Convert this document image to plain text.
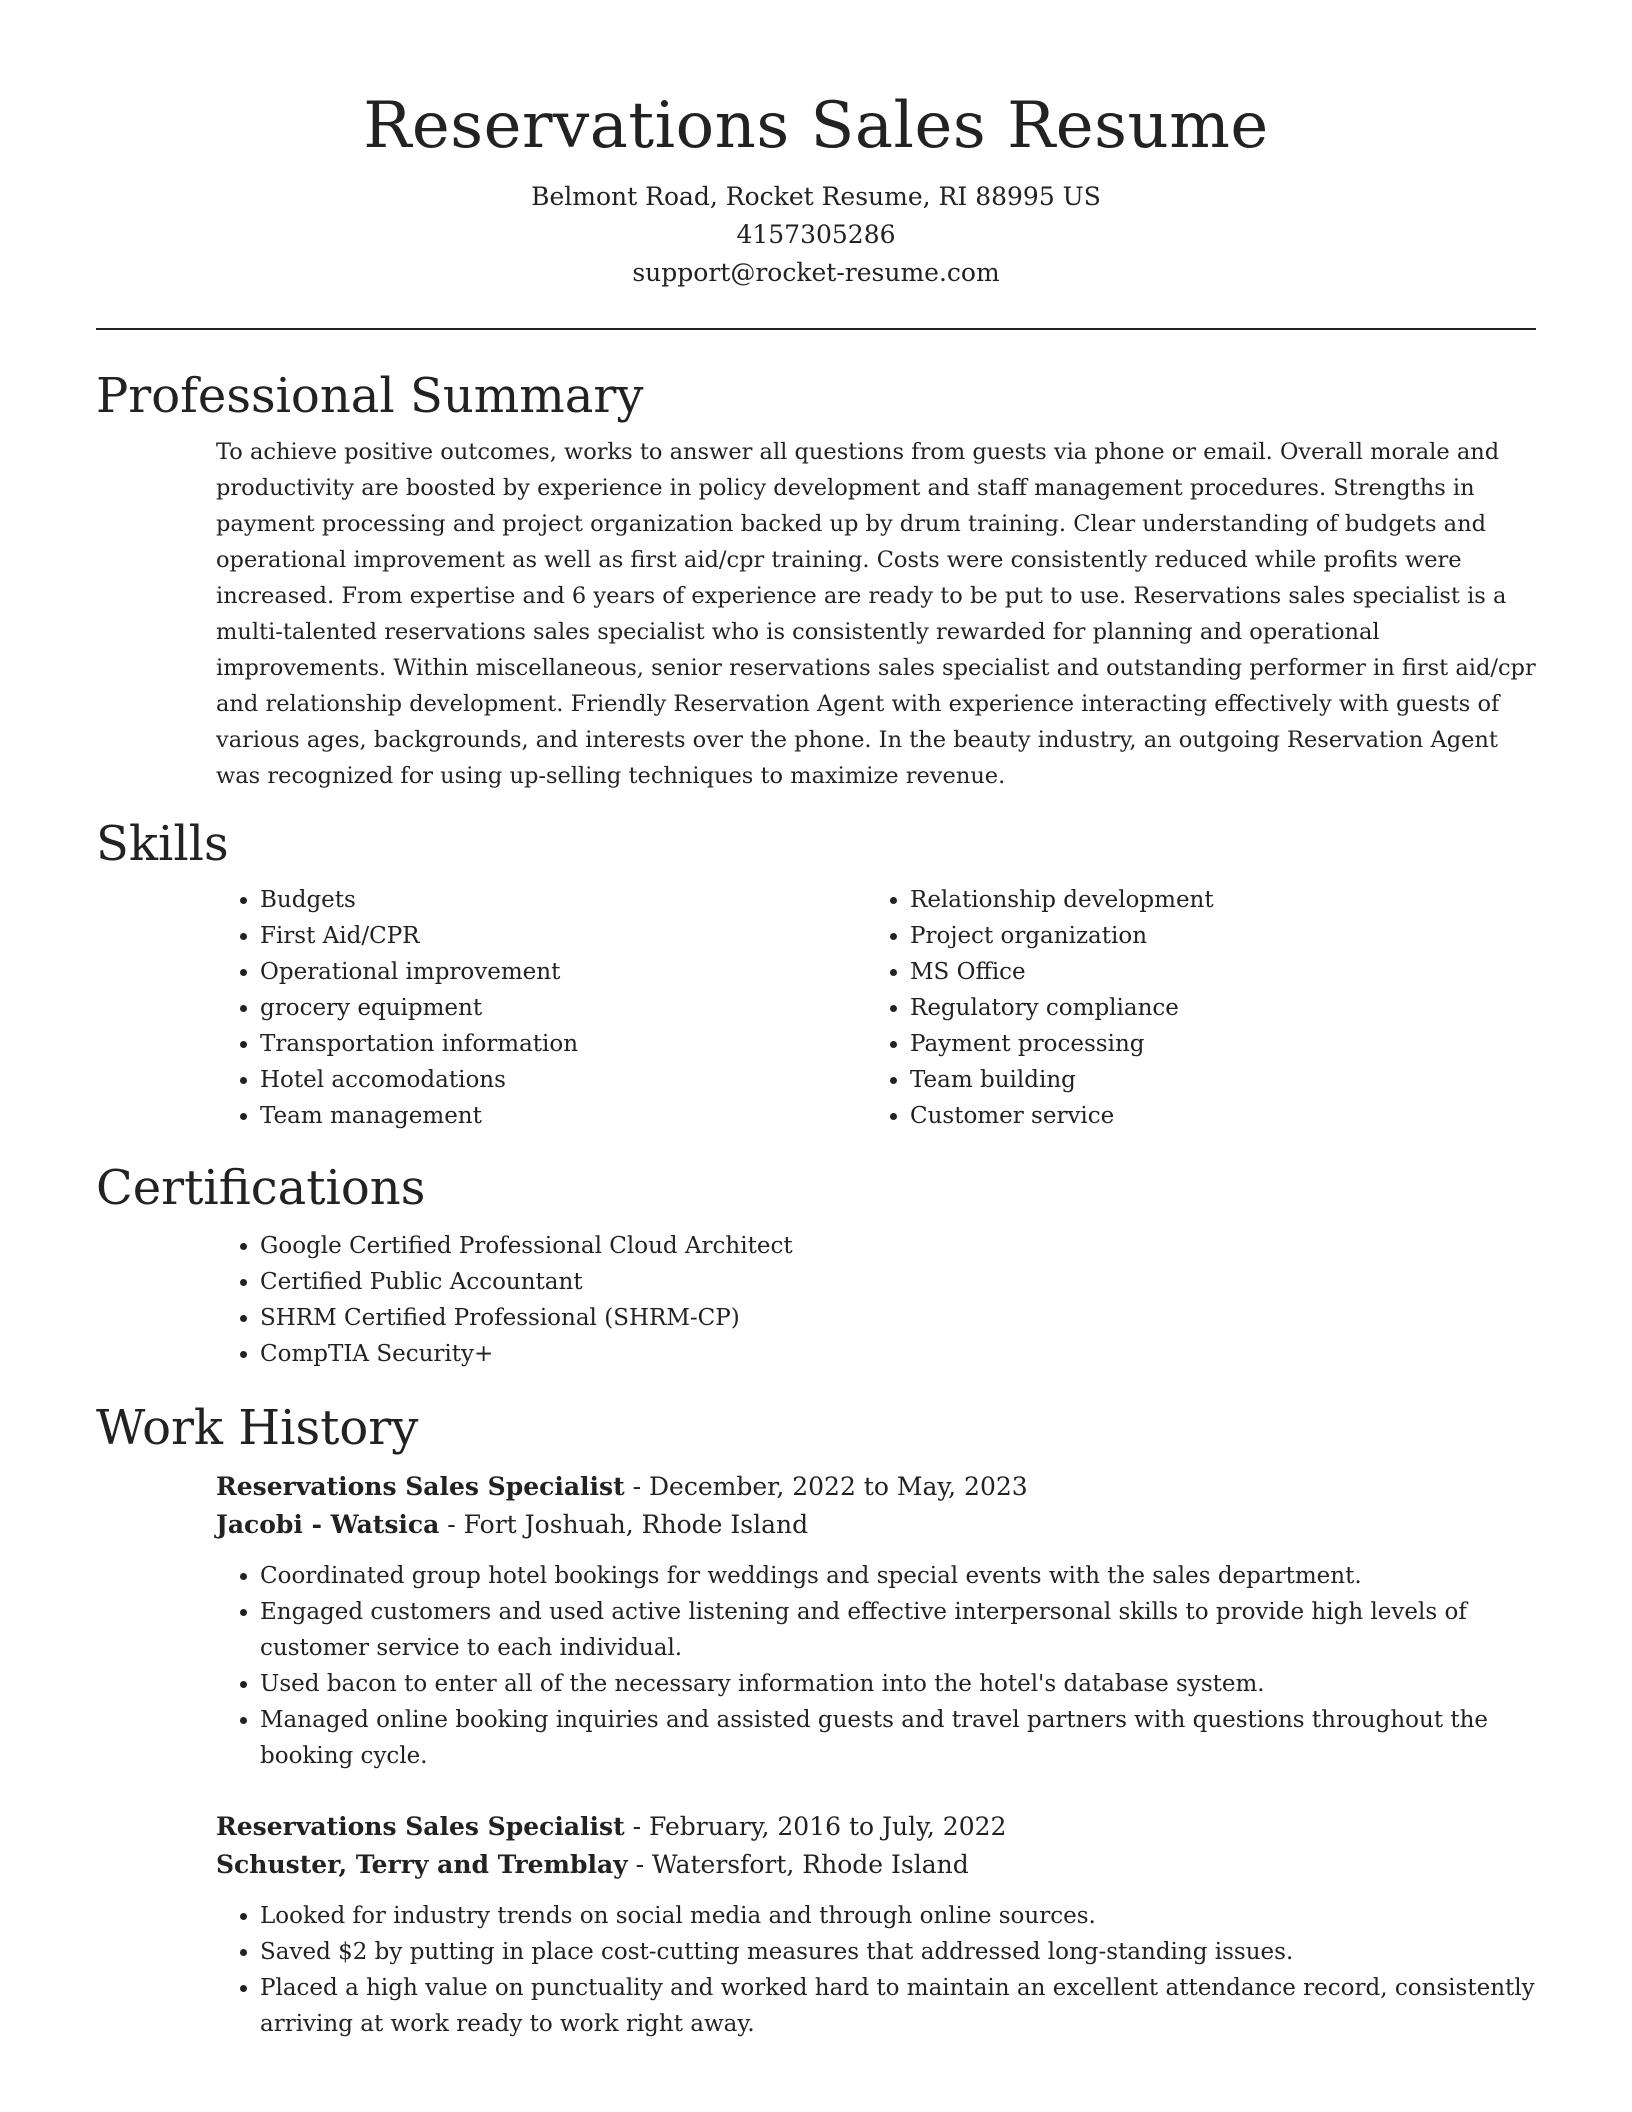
Reservations Sales Resume
Belmont Road, Rocket Resume, RI 88995 US
4157305286
support@rocket-resume.com
Professional Summary

To achieve positive outcomes, works to answer all questions from guests via phone or email. Overall morale and productivity are boosted by experience in policy development and staff management procedures. Strengths in payment processing and project organization backed up by drum training. Clear understanding of budgets and operational improvement as well as first aid/cpr training. Costs were consistently reduced while profits were increased. From expertise and 6 years of experience are ready to be put to use. Reservations sales specialist is a multi-talented reservations sales specialist who is consistently rewarded for planning and operational improvements. Within miscellaneous, senior reservations sales specialist and outstanding performer in first aid/cpr and relationship development. Friendly Reservation Agent with experience interacting effectively with guests of various ages, backgrounds, and interests over the phone. In the beauty industry, an outgoing Reservation Agent was recognized for using up-selling techniques to maximize revenue.

Skills
• Budgets
• First Aid/CPR
• Operational improvement
• grocery equipment
• Transportation information
• Hotel accomodations
• Team management
• Relationship development
• Project organization
• MS Office
• Regulatory compliance
• Payment processing
• Team building
• Customer service
Certifications
• Google Certified Professional Cloud Architect
• Certified Public Accountant
• SHRM Certified Professional (SHRM-CP)
• CompTIA Security+
Work History
Reservations Sales Specialist - December, 2022 to May, 2023
Jacobi - Watsica - Fort Joshuah, Rhode Island
• Coordinated group hotel bookings for weddings and special events with the sales department.
• Engaged customers and used active listening and effective interpersonal skills to provide high levels of customer service to each individual.
• Used bacon to enter all of the necessary information into the hotel's database system.
• Managed online booking inquiries and assisted guests and travel partners with questions throughout the booking cycle.
Reservations Sales Specialist - February, 2016 to July, 2022
Schuster, Terry and Tremblay - Watersfort, Rhode Island
• Looked for industry trends on social media and through online sources.
• Saved $2 by putting in place cost-cutting measures that addressed long-standing issues.
• Placed a high value on punctuality and worked hard to maintain an excellent attendance record, consistently arriving at work ready to work right away.
